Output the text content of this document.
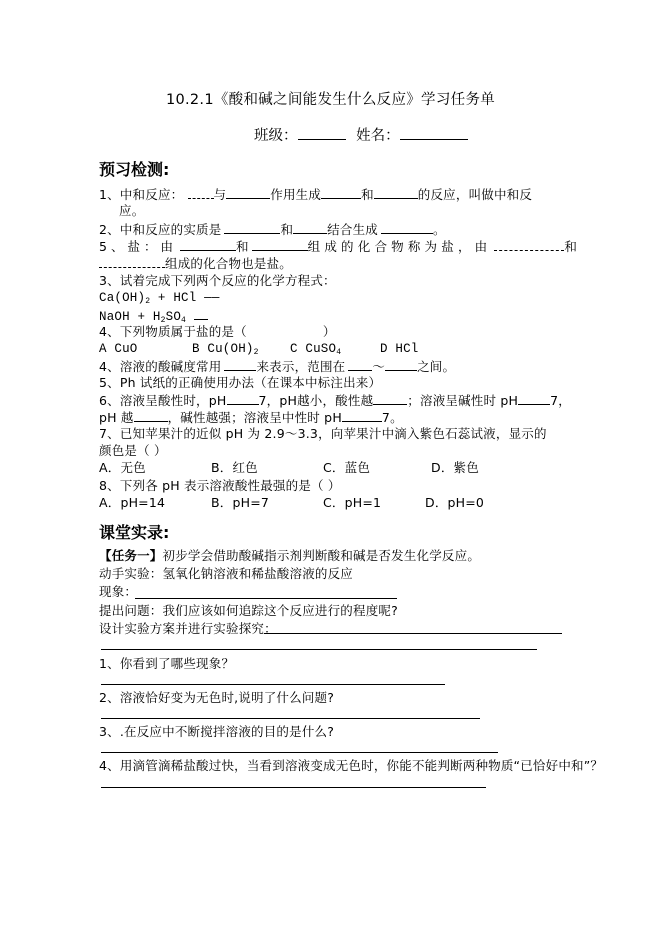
10.2.1《酸和碱之间能发生什么反应》学习任务单
班级：	姓名：
预习检测:
1、中和反应： 与	作用生成	和	的反应，叫做中和反
应。
2、中和反应的实质是	和	结合生成	。
5、盐：由	和	组成的化合物称为盐，由	和
组成的化合物也是盐。
3、试着完成下列两个反应的化学方程式：
$Ca(OH)_2$ + HCl ——
NaOH + $H_2SO_4$
4、下列物质属于盐的是（	）
A CuO	B $Cu(OH)_2$	C CuSO$_4$	D HCl
4、溶液的酸碱度常用	来表示，范围在 ～	之间。
5、Ph 试纸的正确使用办法（在课本中标注出来）
6、溶液呈酸性时，pH	7，pH越小，酸性越	；溶液呈碱性时 pH	7，
pH 越	，碱性越强；溶液呈中性时 pH	7。
7、已知苹果汁的近似 pH 为 2.9～3.3，向苹果汁中滴入紫色石蕊试液，显示的
颜色是（ ）
A．无色	B．红色	C．蓝色	D．紫色
8、下列各 pH 表示溶液酸性最强的是（ ）
A．pH=14	B．pH=7	C．pH=1	D．pH=0
课堂实录:
【任务一】初步学会借助酸碱指示剂判断酸和碱是否发生化学反应。
动手实验：氢氧化钠溶液和稀盐酸溶液的反应
现象：
提出问题：我们应该如何追踪这个反应进行的程度呢?
设计实验方案并进行实验探究：
1、你看到了哪些现象？
2、溶液恰好变为无色时,说明了什么问题?
3、.在反应中不断搅拌溶液的目的是什么?
4、用滴管滴稀盐酸过快，当看到溶液变成无色时，你能不能判断两种物质“已恰好中和”？
